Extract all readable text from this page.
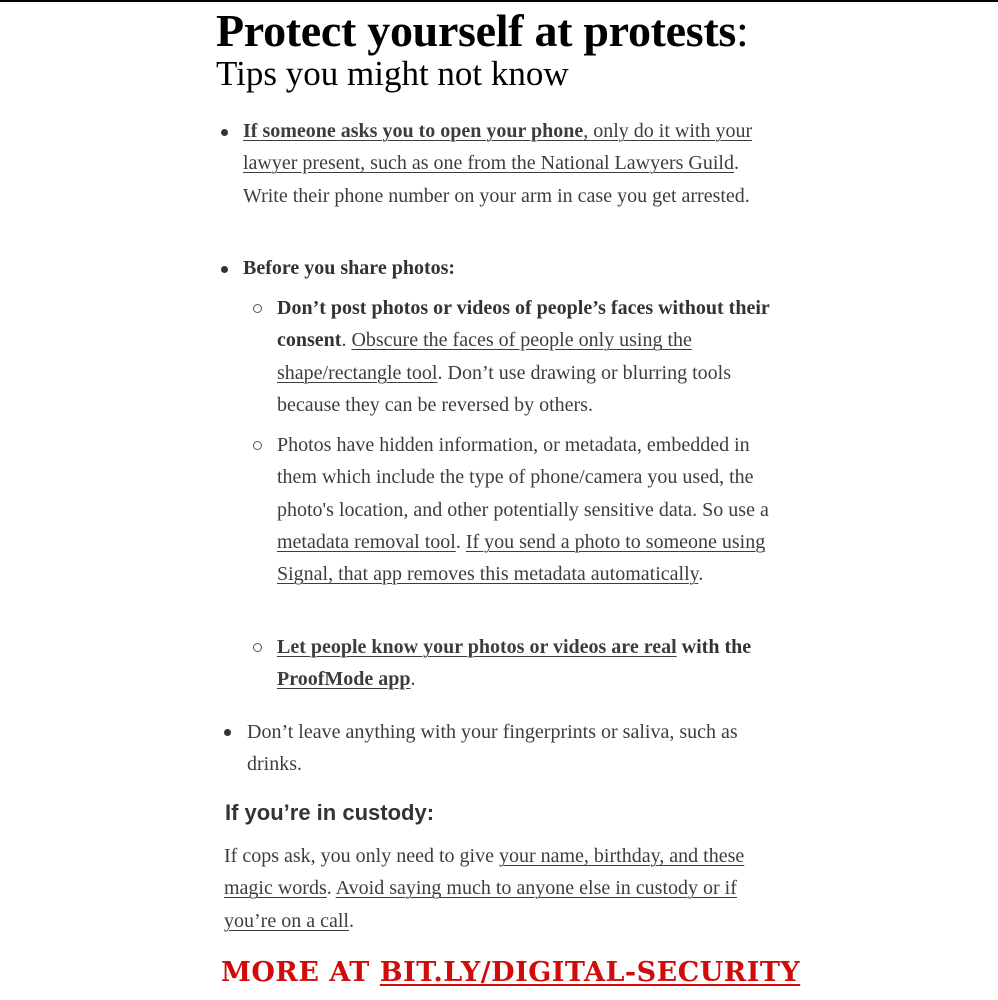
Protect yourself at protests:
Tips you might not know
If someone asks you to open your phone, only do it with your lawyer present, such as one from the National Lawyers Guild. Write their phone number on your arm in case you get arrested.
Before you share photos:
Don’t post photos or videos of people’s faces without their consent. Obscure the faces of people only using the shape/rectangle tool. Don’t use drawing or blurring tools because they can be reversed by others.
Photos have hidden information, or metadata, embedded in them which include the type of phone/camera you used, the photo's location, and other potentially sensitive data. So use a metadata removal tool. If you send a photo to someone using Signal, that app removes this metadata automatically.
Let people know your photos or videos are real with the ProofMode app.
Don’t leave anything with your fingerprints or saliva, such as drinks.
If you’re in custody:
If cops ask, you only need to give your name, birthday, and these magic words. Avoid saying much to anyone else in custody or if you’re on a call.
MORE AT BIT.LY/DIGITAL-SECURITY
